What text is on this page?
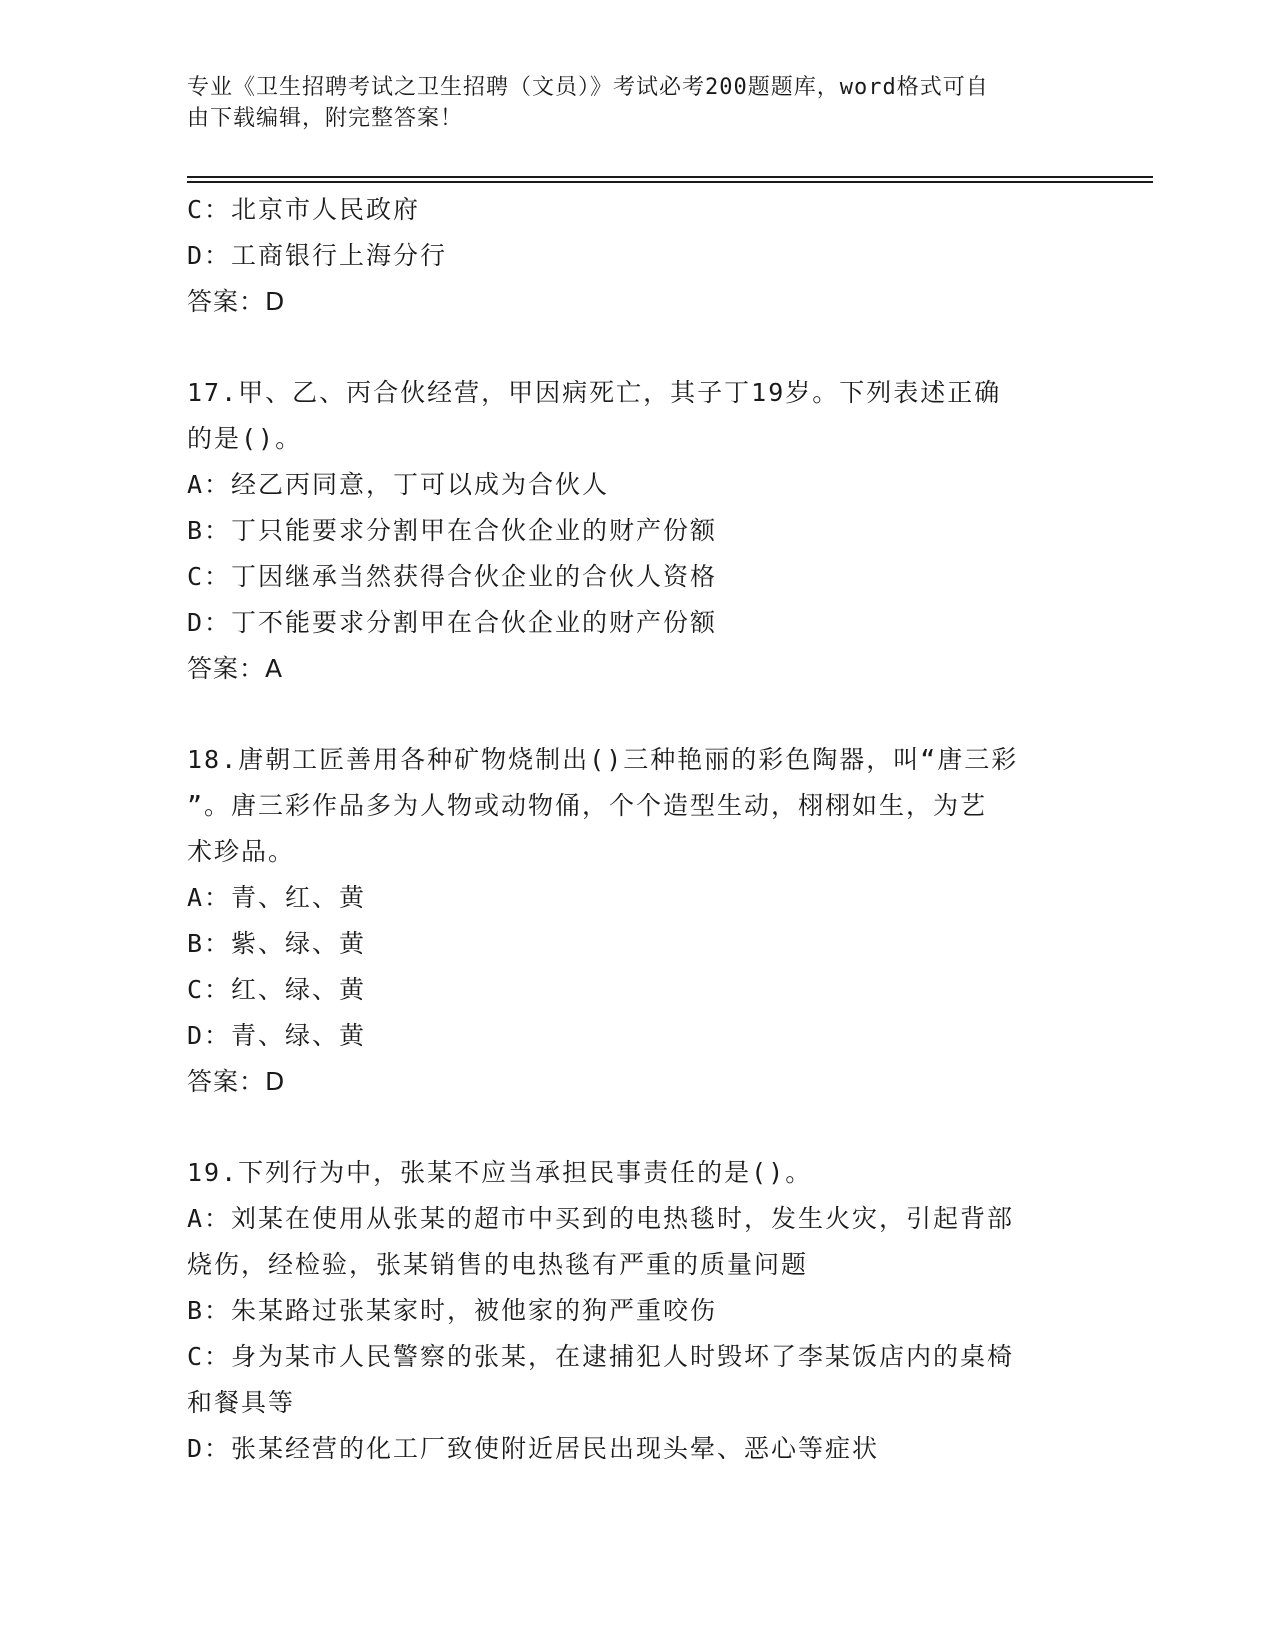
专业《卫生招聘考试之卫生招聘（文员）》考试必考200题题库，word格式可自
由下载编辑，附完整答案！
C：北京市人民政府
D：工商银行上海分行
答案：D
17.甲、乙、丙合伙经营，甲因病死亡，其子丁19岁。下列表述正确
的是()。
A：经乙丙同意，丁可以成为合伙人
B：丁只能要求分割甲在合伙企业的财产份额
C：丁因继承当然获得合伙企业的合伙人资格
D：丁不能要求分割甲在合伙企业的财产份额
答案：A
18.唐朝工匠善用各种矿物烧制出()三种艳丽的彩色陶器，叫“唐三彩
”。唐三彩作品多为人物或动物俑，个个造型生动，栩栩如生，为艺
术珍品。
A：青、红、黄
B：紫、绿、黄
C：红、绿、黄
D：青、绿、黄
答案：D
19.下列行为中，张某不应当承担民事责任的是()。
A：刘某在使用从张某的超市中买到的电热毯时，发生火灾，引起背部
烧伤，经检验，张某销售的电热毯有严重的质量问题
B：朱某路过张某家时，被他家的狗严重咬伤
C：身为某市人民警察的张某，在逮捕犯人时毁坏了李某饭店内的桌椅
和餐具等
D：张某经营的化工厂致使附近居民出现头晕、恶心等症状
